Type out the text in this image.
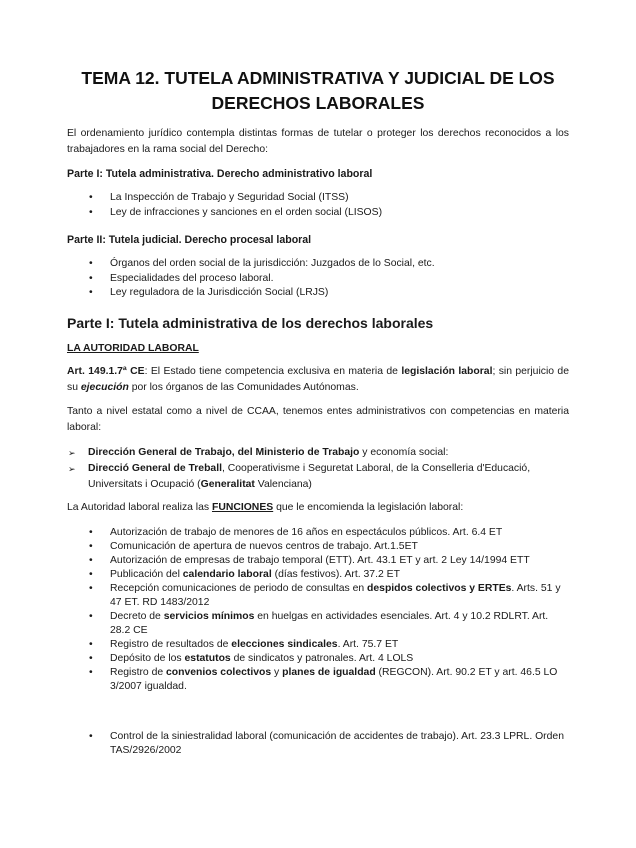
TEMA 12. TUTELA ADMINISTRATIVA Y JUDICIAL DE LOS
DERECHOS LABORALES
El ordenamiento jurídico contempla distintas formas de tutelar o proteger los derechos reconocidos a los trabajadores en la rama social del Derecho:
Parte I: Tutela administrativa. Derecho administrativo laboral
• La Inspección de Trabajo y Seguridad Social (ITSS)
• Ley de infracciones y sanciones en el orden social (LISOS)
Parte II: Tutela judicial. Derecho procesal laboral
• Órganos del orden social de la jurisdicción: Juzgados de lo Social, etc.
• Especialidades del proceso laboral.
• Ley reguladora de la Jurisdicción Social (LRJS)
Parte I: Tutela administrativa de los derechos laborales
LA AUTORIDAD LABORAL
Art. 149.1.7ª CE: El Estado tiene competencia exclusiva en materia de legislación laboral; sin perjuicio de su ejecución por los órganos de las Comunidades Autónomas.
Tanto a nivel estatal como a nivel de CCAA, tenemos entes administrativos con competencias en materia laboral:
➢ Dirección General de Trabajo, del Ministerio de Trabajo y economía social:
➢ Direcció General de Treball, Cooperativisme i Seguretat Laboral, de la Conselleria d'Educació, Universitats i Ocupació (Generalitat Valenciana)
La Autoridad laboral realiza las FUNCIONES que le encomienda la legislación laboral:
• Autorización de trabajo de menores de 16 años en espectáculos públicos. Art. 6.4 ET
• Comunicación de apertura de nuevos centros de trabajo. Art.1.5ET
• Autorización de empresas de trabajo temporal (ETT). Art. 43.1 ET y art. 2 Ley 14/1994 ETT
• Publicación del calendario laboral (días festivos). Art. 37.2 ET
• Recepción comunicaciones de periodo de consultas en despidos colectivos y ERTEs. Arts. 51 y 47 ET. RD 1483/2012
• Decreto de servicios mínimos en huelgas en actividades esenciales. Art. 4 y 10.2 RDLRT. Art. 28.2 CE
• Registro de resultados de elecciones sindicales. Art. 75.7 ET
• Depósito de los estatutos de sindicatos y patronales. Art. 4 LOLS
• Registro de convenios colectivos y planes de igualdad (REGCON). Art. 90.2 ET y art. 46.5 LO 3/2007 igualdad.
• Control de la siniestralidad laboral (comunicación de accidentes de trabajo). Art. 23.3 LPRL. Orden TAS/2926/2002
